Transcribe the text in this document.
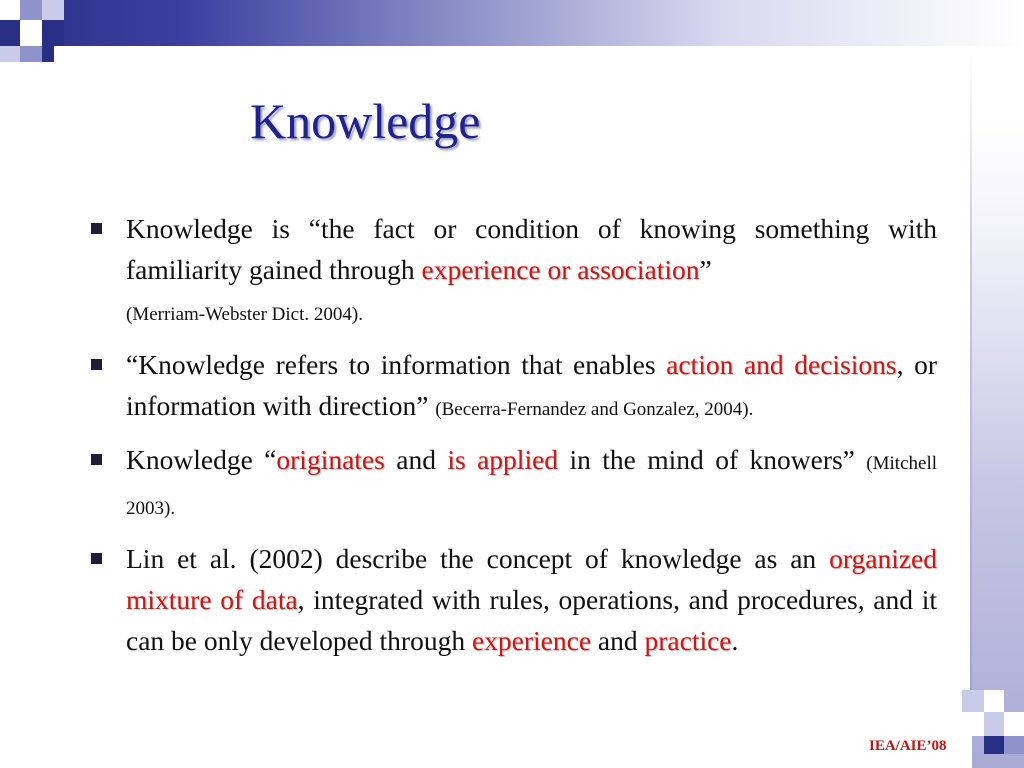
Knowledge
Knowledge is “the fact or condition of knowing something with familiarity gained through experience or association”
(Merriam-Webster Dict. 2004).
“Knowledge refers to information that enables action and decisions, or information with direction” (Becerra-Fernandez and Gonzalez, 2004).
Knowledge “originates and is applied in the mind of knowers” (Mitchell 2003).
Lin et al. (2002) describe the concept of knowledge as an organized mixture of data, integrated with rules, operations, and procedures, and it can be only developed through experience and practice.
IEA/AIE’08
